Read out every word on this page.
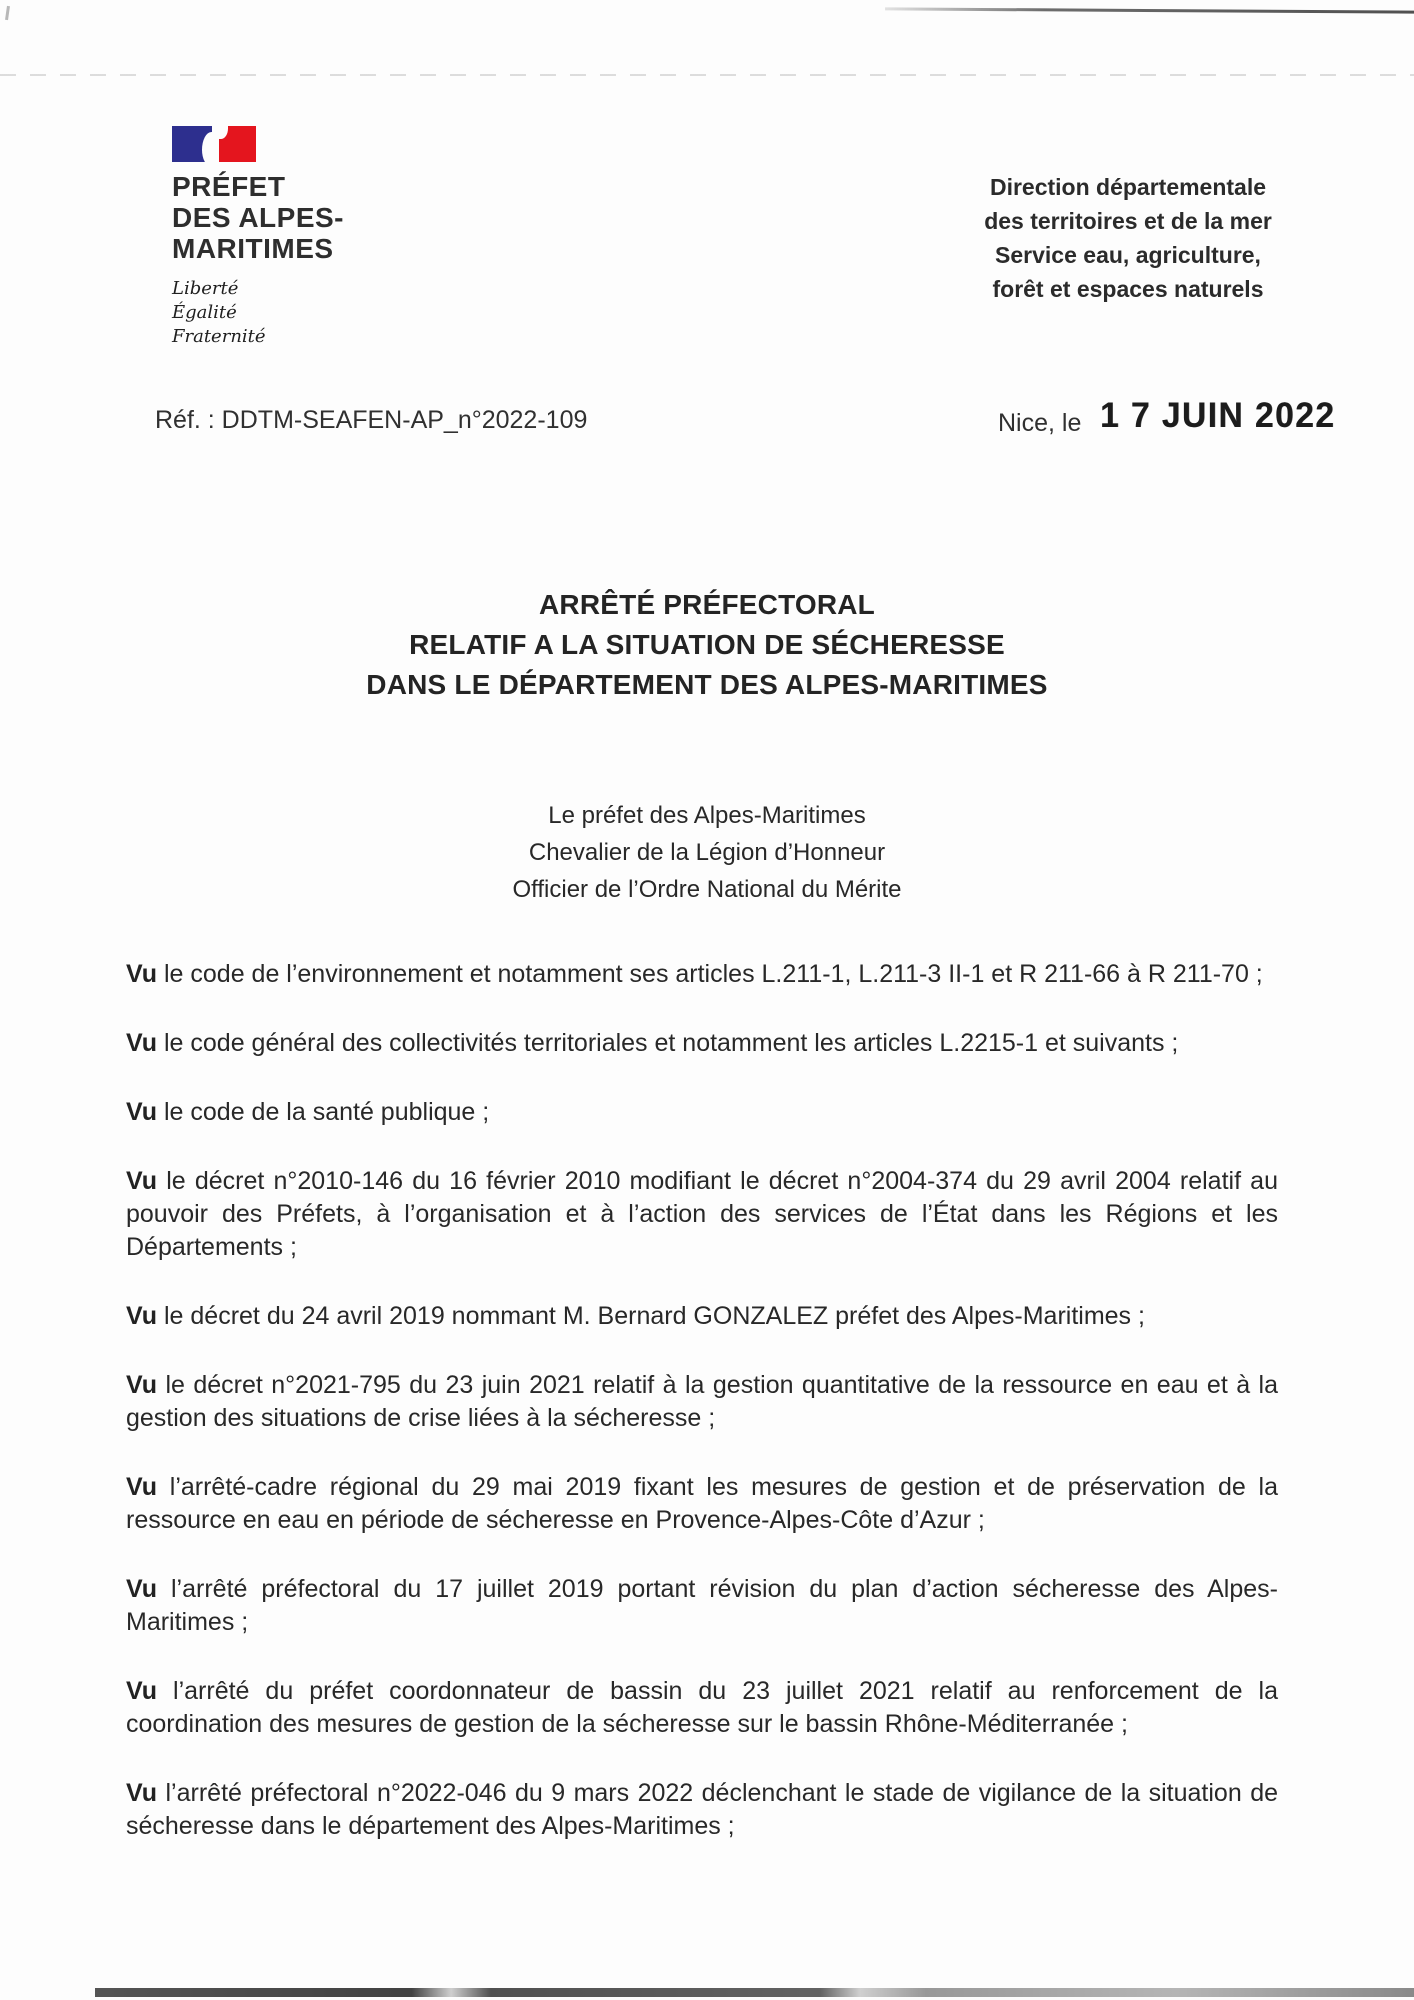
PRÉFET
DES ALPES-
MARITIMES
Liberté
Égalité
Fraternité
Direction départementale
des territoires et de la mer
Service eau, agriculture,
forêt et espaces naturels
Réf. : DDTM-SEAFEN-AP_n°2022-109	Nice, le 1 7 JUIN 2022
ARRÊTÉ PRÉFECTORAL
RELATIF A LA SITUATION DE SÉCHERESSE
DANS LE DÉPARTEMENT DES ALPES-MARITIMES
Le préfet des Alpes-Maritimes
Chevalier de la Légion d’Honneur
Officier de l’Ordre National du Mérite

Vu le code de l’environnement et notamment ses articles L.211-1, L.211-3 II-1 et R 211-66 à R 211-70 ;

Vu le code général des collectivités territoriales et notamment les articles L.2215-1 et suivants ;

Vu le code de la santé publique ;

Vu le décret n°2010-146 du 16 février 2010 modifiant le décret n°2004-374 du 29 avril 2004 relatif au pouvoir des Préfets, à l’organisation et à l’action des services de l’État dans les Régions et les Départements ;

Vu le décret du 24 avril 2019 nommant M. Bernard GONZALEZ préfet des Alpes-Maritimes ;

Vu le décret n°2021-795 du 23 juin 2021 relatif à la gestion quantitative de la ressource en eau et à la gestion des situations de crise liées à la sécheresse ;

Vu l’arrêté-cadre régional du 29 mai 2019 fixant les mesures de gestion et de préservation de la ressource en eau en période de sécheresse en Provence-Alpes-Côte d’Azur ;

Vu l’arrêté préfectoral du 17 juillet 2019 portant révision du plan d’action sécheresse des Alpes-Maritimes ;

Vu l’arrêté du préfet coordonnateur de bassin du 23 juillet 2021 relatif au renforcement de la coordination des mesures de gestion de la sécheresse sur le bassin Rhône-Méditerranée ;

Vu l’arrêté préfectoral n°2022-046 du 9 mars 2022 déclenchant le stade de vigilance de la situation de sécheresse dans le département des Alpes-Maritimes ;
